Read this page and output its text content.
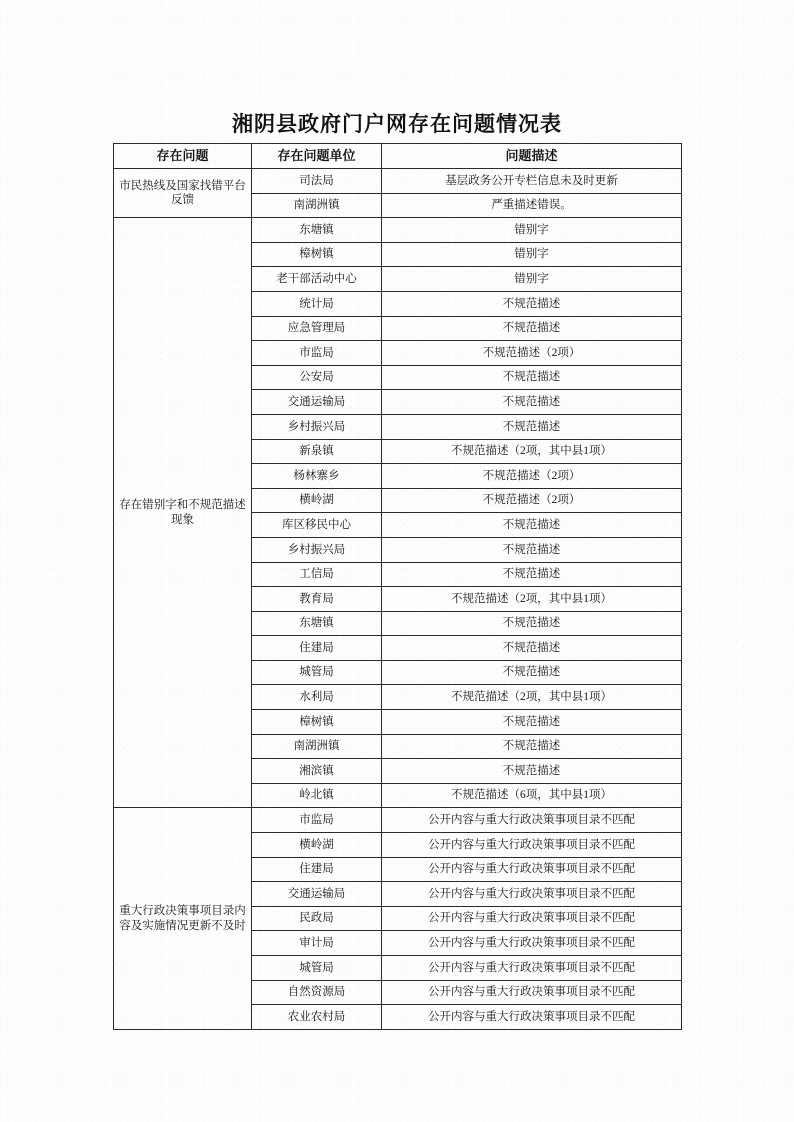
湘阴县政府门户网存在问题情况表
存在问题	存在问题单位	问题描述
市民热线及国家找错平台反馈	司法局	基层政务公开专栏信息未及时更新
	南湖洲镇	严重描述错误。
存在错别字和不规范描述现象	东塘镇	错别字
	樟树镇	错别字
	老干部活动中心	错别字
	统计局	不规范描述
	应急管理局	不规范描述
	市监局	不规范描述（2项）
	公安局	不规范描述
	交通运输局	不规范描述
	乡村振兴局	不规范描述
	新泉镇	不规范描述（2项，其中县1项）
	杨林寨乡	不规范描述（2项）
	横岭湖	不规范描述（2项）
	库区移民中心	不规范描述
	乡村振兴局	不规范描述
	工信局	不规范描述
	教育局	不规范描述（2项，其中县1项）
	东塘镇	不规范描述
	住建局	不规范描述
	城管局	不规范描述
	水利局	不规范描述（2项，其中县1项）
	樟树镇	不规范描述
	南湖洲镇	不规范描述
	湘滨镇	不规范描述
	岭北镇	不规范描述（6项，其中县1项）
重大行政决策事项目录内容及实施情况更新不及时	市监局	公开内容与重大行政决策事项目录不匹配
	横岭湖	公开内容与重大行政决策事项目录不匹配
	住建局	公开内容与重大行政决策事项目录不匹配
	交通运输局	公开内容与重大行政决策事项目录不匹配
	民政局	公开内容与重大行政决策事项目录不匹配
	审计局	公开内容与重大行政决策事项目录不匹配
	城管局	公开内容与重大行政决策事项目录不匹配
	自然资源局	公开内容与重大行政决策事项目录不匹配
	农业农村局	公开内容与重大行政决策事项目录不匹配
